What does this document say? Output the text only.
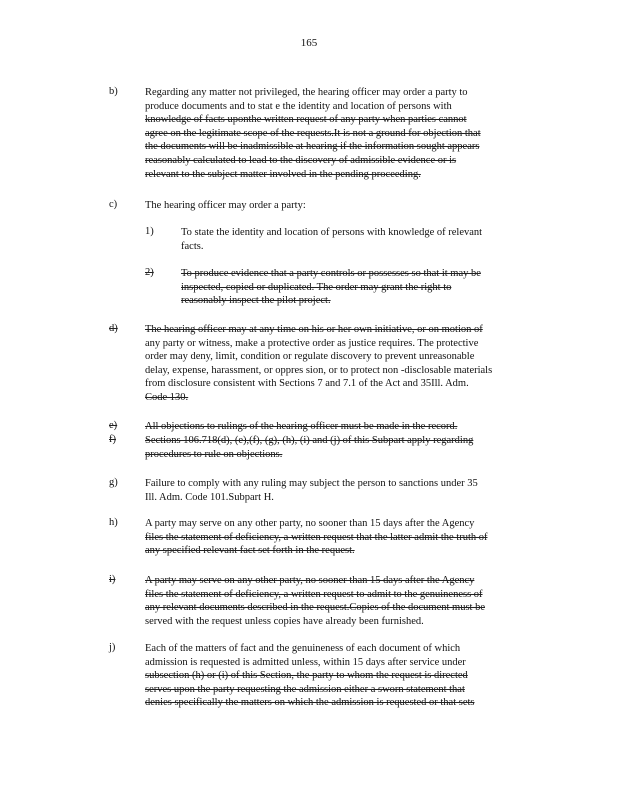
165
b)	Regarding any matter not privileged, the hearing officer may order a party to
produce documents and to stat e the identity and location of persons with
knowledge of facts uponthe written request of any party when parties cannot
agree on the legitimate scope of the requests.It is not a ground for objection that
the documents will be inadmissible at hearing if the information sought appears
reasonably calculated to lead to the discovery of admissible evidence or is
relevant to the subject matter involved in the pending proceeding.
c)	The hearing officer may order a party:
1)	To state the identity and location of persons with knowledge of relevant
facts.
2)	To produce evidence that a party controls or possesses so that it may be
inspected, copied or duplicated. The order may grant the right to
reasonably inspect the pilot project.
d)	The hearing officer may at any time on his or her own initiative, or on motion of
any party or witness, make a protective order as justice requires. The protective
order may deny, limit, condition or regulate discovery to prevent unreasonable
delay, expense, harassment, or oppres sion, or to protect non -disclosable materials
from disclosure consistent with Sections 7 and 7.1 of the Act and 35Ill. Adm.
Code 130.
e)	All objections to rulings of the hearing officer must be made in the record.
f)	Sections 106.718(d), (e),(f), (g), (h), (i) and (j) of this Subpart apply regarding
procedures to rule on objections.
g)	Failure to comply with any ruling may subject the person to sanctions under 35
Ill. Adm. Code 101.Subpart H.
h)	A party may serve on any other party, no sooner than 15 days after the Agency
files the statement of deficiency, a written request that the latter admit the truth of
any specified relevant fact set forth in the request.
i)	A party may serve on any other party, no sooner than 15 days after the Agency
files the statement of deficiency, a written request to admit to the genuineness of
any relevant documents described in the request.Copies of the document must be
served with the request unless copies have already been furnished.
j)	Each of the matters of fact and the genuineness of each document of which
admission is requested is admitted unless, within 15 days after service under
subsection (h) or (i) of this Section, the party to whom the request is directed
serves upon the party requesting the admission either a sworn statement that
denies specifically the matters on which the admission is requested or that sets
